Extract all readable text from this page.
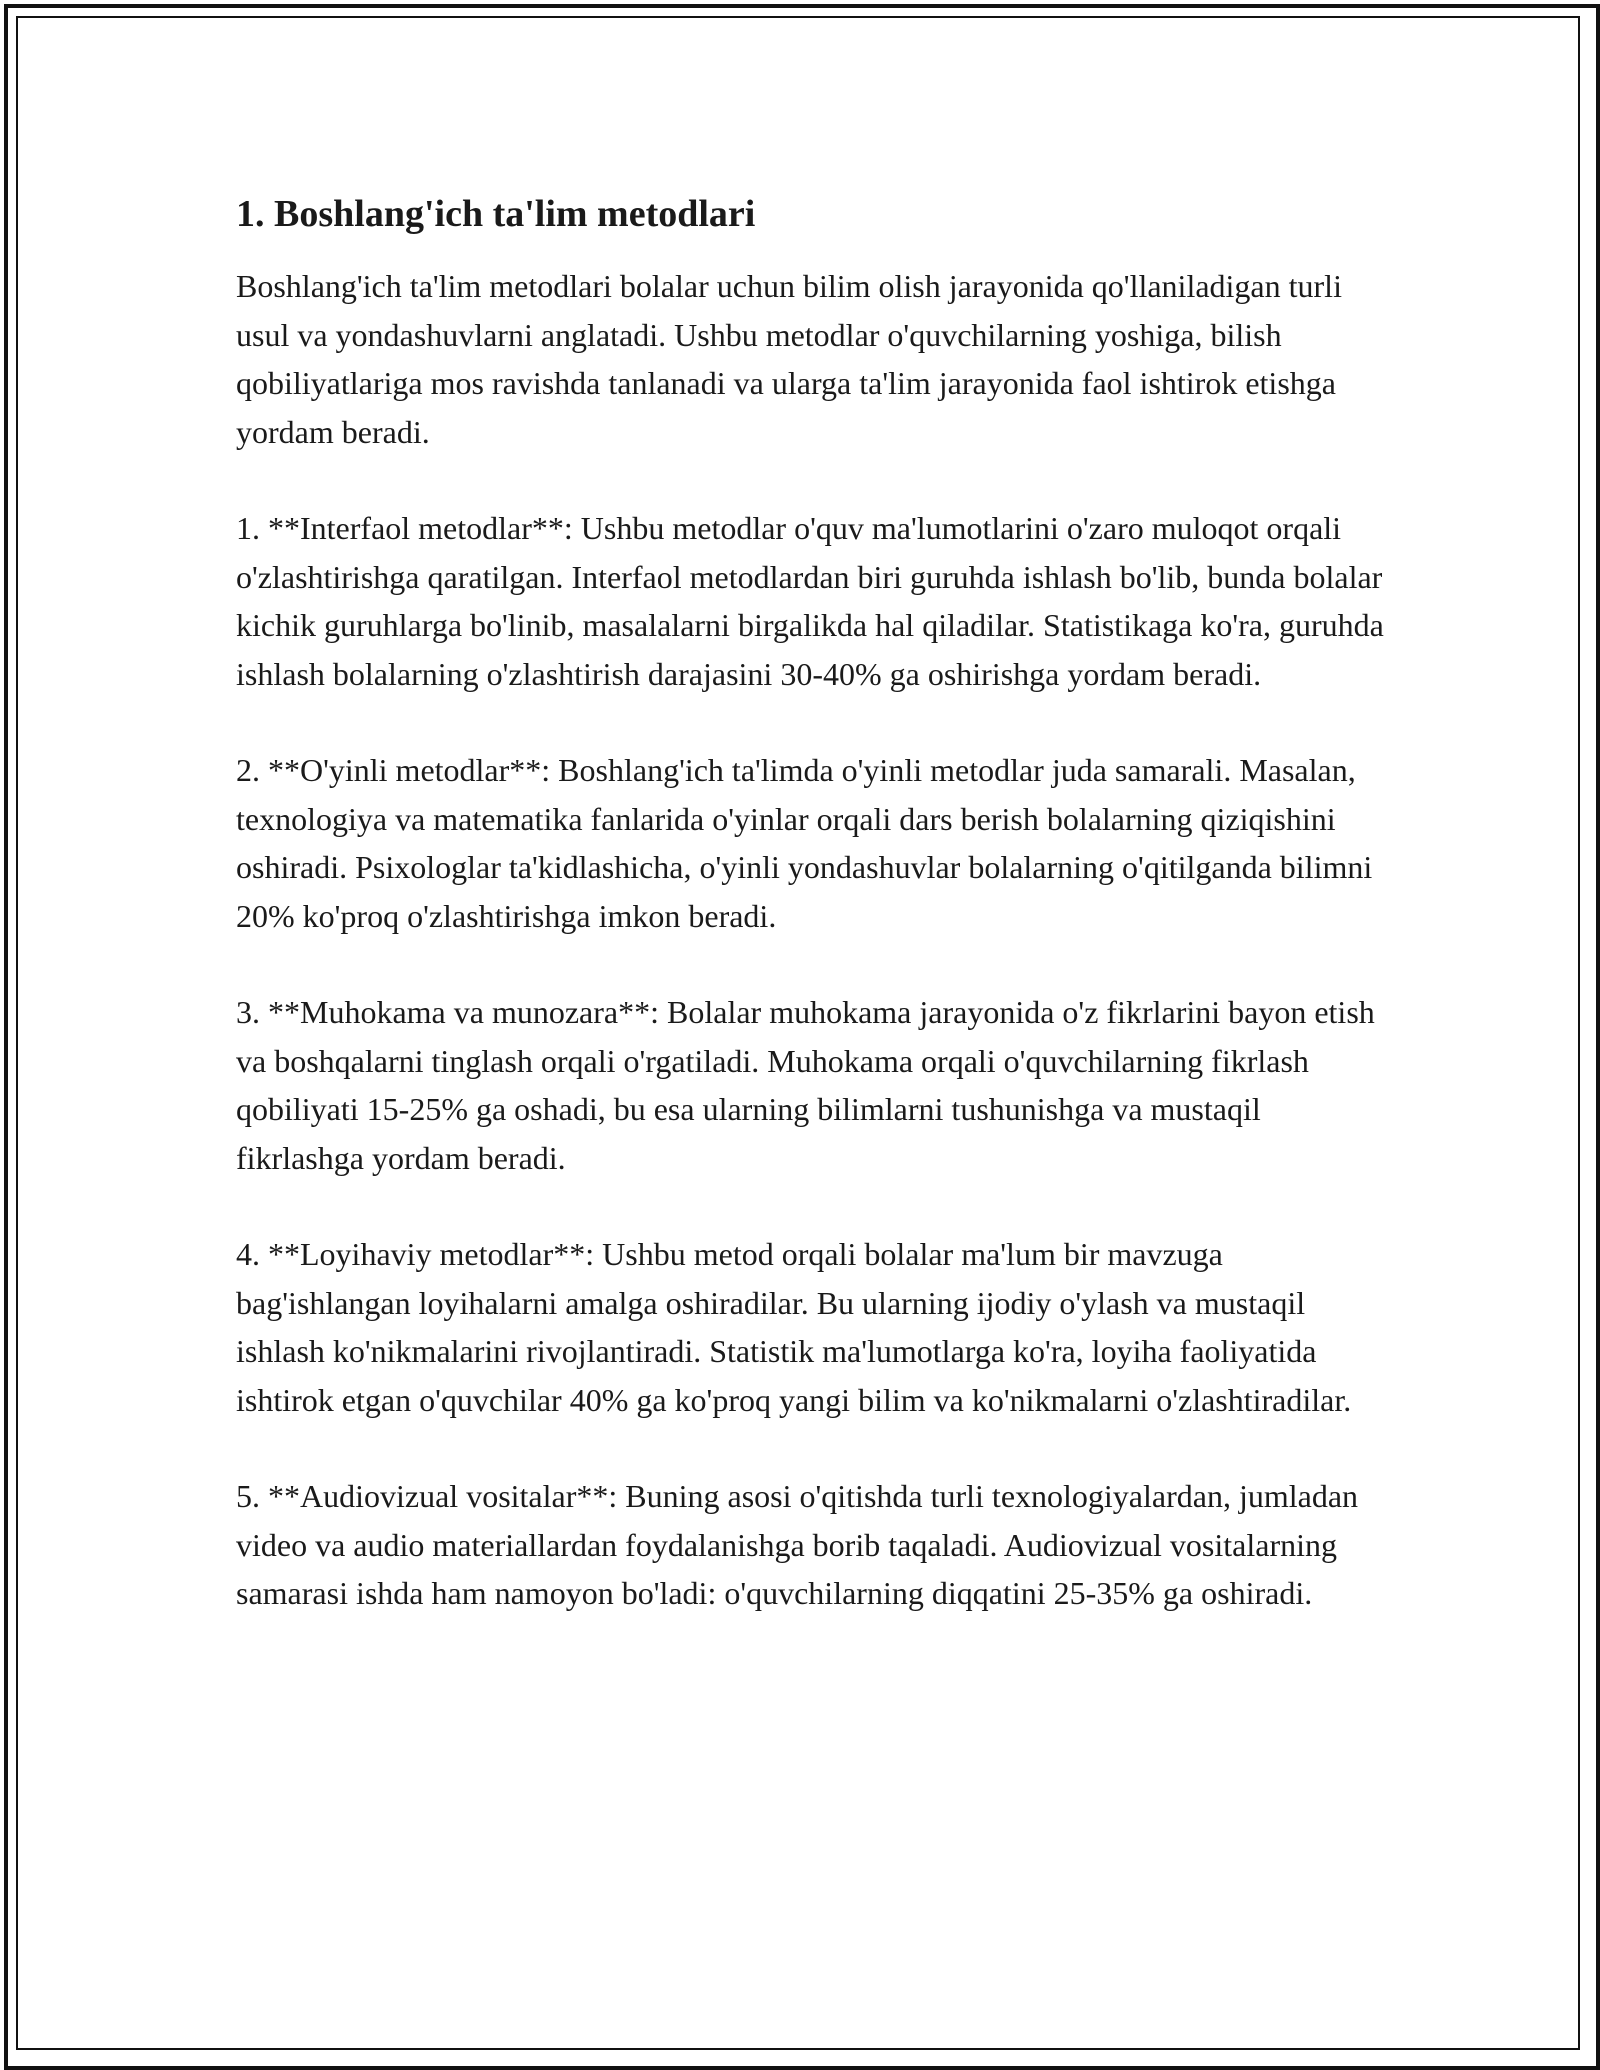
1. Boshlang'ich ta'lim metodlari

Boshlang'ich ta'lim metodlari bolalar uchun bilim olish jarayonida qo'llaniladigan turli usul va yondashuvlarni anglatadi. Ushbu metodlar o'quvchilarning yoshiga, bilish qobiliyatlariga mos ravishda tanlanadi va ularga ta'lim jarayonida faol ishtirok etishga yordam beradi.

1. **Interfaol metodlar**: Ushbu metodlar o'quv ma'lumotlarini o'zaro muloqot orqali o'zlashtirishga qaratilgan. Interfaol metodlardan biri guruhda ishlash bo'lib, bunda bolalar kichik guruhlarga bo'linib, masalalarni birgalikda hal qiladilar. Statistikaga ko'ra, guruhda ishlash bolalarning o'zlashtirish darajasini 30-40% ga oshirishga yordam beradi.

2. **O'yinli metodlar**: Boshlang'ich ta'limda o'yinli metodlar juda samarali. Masalan, texnologiya va matematika fanlarida o'yinlar orqali dars berish bolalarning qiziqishini oshiradi. Psixologlar ta'kidlashicha, o'yinli yondashuvlar bolalarning o'qitilganda bilimni 20% ko'proq o'zlashtirishga imkon beradi.

3. **Muhokama va munozara**: Bolalar muhokama jarayonida o'z fikrlarini bayon etish va boshqalarni tinglash orqali o'rgatiladi. Muhokama orqali o'quvchilarning fikrlash qobiliyati 15-25% ga oshadi, bu esa ularning bilimlarni tushunishga va mustaqil fikrlashga yordam beradi.

4. **Loyihaviy metodlar**: Ushbu metod orqali bolalar ma'lum bir mavzuga bag'ishlangan loyihalarni amalga oshiradilar. Bu ularning ijodiy o'ylash va mustaqil ishlash ko'nikmalarini rivojlantiradi. Statistik ma'lumotlarga ko'ra, loyiha faoliyatida ishtirok etgan o'quvchilar 40% ga ko'proq yangi bilim va ko'nikmalarni o'zlashtiradilar.

5. **Audiovizual vositalar**: Buning asosi o'qitishda turli texnologiyalardan, jumladan video va audio materiallardan foydalanishga borib taqaladi. Audiovizual vositalarning samarasi ishda ham namoyon bo'ladi: o'quvchilarning diqqatini 25-35% ga oshiradi.
